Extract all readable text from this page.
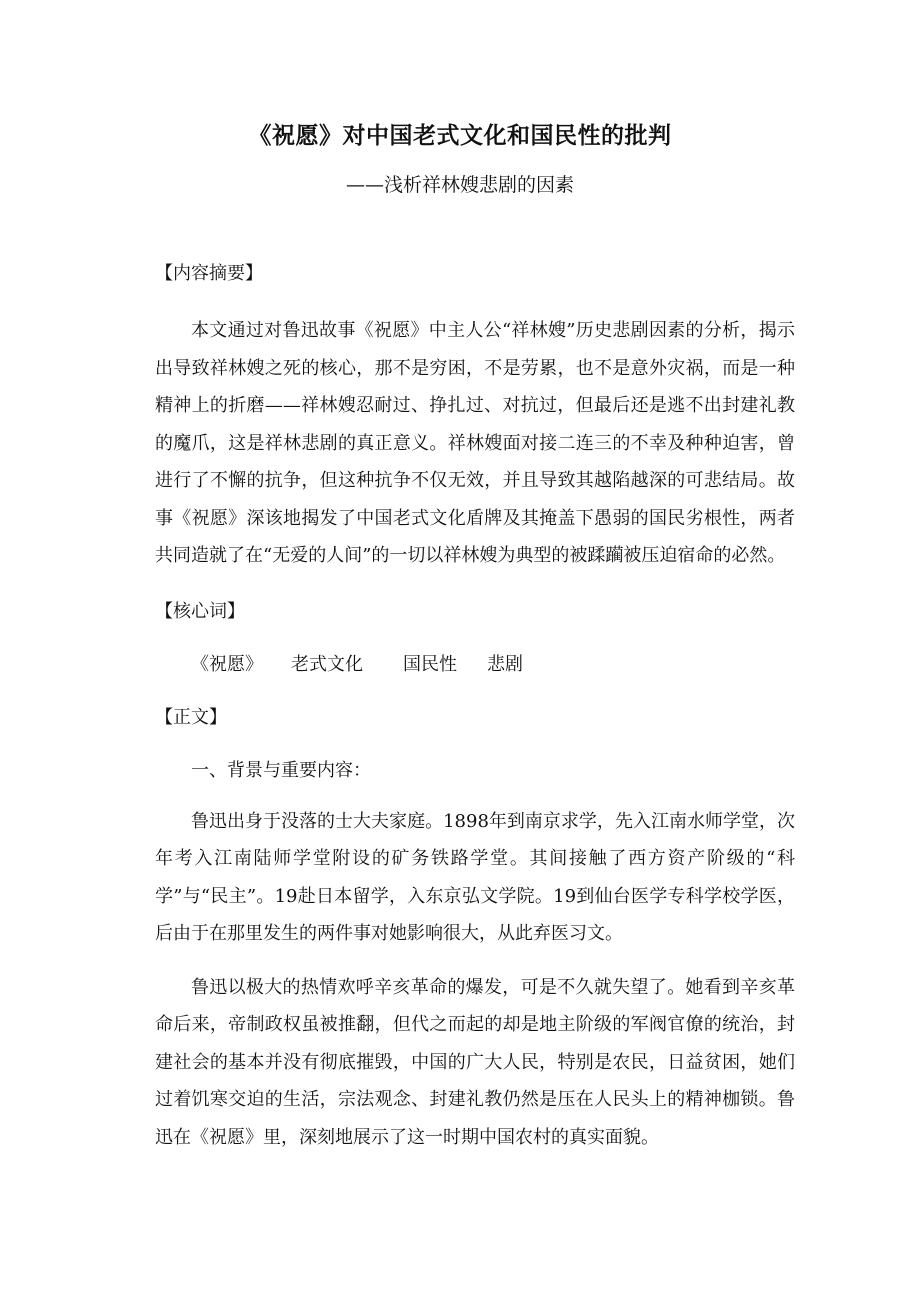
《祝愿》对中国老式文化和国民性的批判
——浅析祥林嫂悲剧的因素
【内容摘要】

本文通过对鲁迅故事《祝愿》中主人公“祥林嫂”历史悲剧因素的分析，揭示出导致祥林嫂之死的核心，那不是穷困，不是劳累，也不是意外灾祸，而是一种精神上的折磨——祥林嫂忍耐过、挣扎过、对抗过，但最后还是逃不出封建礼教的魔爪，这是祥林悲剧的真正意义。祥林嫂面对接二连三的不幸及种种迫害，曾进行了不懈的抗争，但这种抗争不仅无效，并且导致其越陷越深的可悲结局。故事《祝愿》深该地揭发了中国老式文化盾牌及其掩盖下愚弱的国民劣根性，两者共同造就了在“无爱的人间”的一切以祥林嫂为典型的被蹂躏被压迫宿命的必然。

【核心词】
《祝愿》 老式文化 国民性 悲剧
【正文】
一、背景与重要内容：

鲁迅出身于没落的士大夫家庭。1898年到南京求学，先入江南水师学堂，次年考入江南陆师学堂附设的矿务铁路学堂。其间接触了西方资产阶级的“科学”与“民主”。19赴日本留学，入东京弘文学院。19到仙台医学专科学校学医，后由于在那里发生的两件事对她影响很大，从此弃医习文。

鲁迅以极大的热情欢呼辛亥革命的爆发，可是不久就失望了。她看到辛亥革命后来，帝制政权虽被推翻，但代之而起的却是地主阶级的军阀官僚的统治，封建社会的基本并没有彻底摧毁，中国的广大人民，特别是农民，日益贫困，她们过着饥寒交迫的生活，宗法观念、封建礼教仍然是压在人民头上的精神枷锁。鲁迅在《祝愿》里，深刻地展示了这一时期中国农村的真实面貌。
